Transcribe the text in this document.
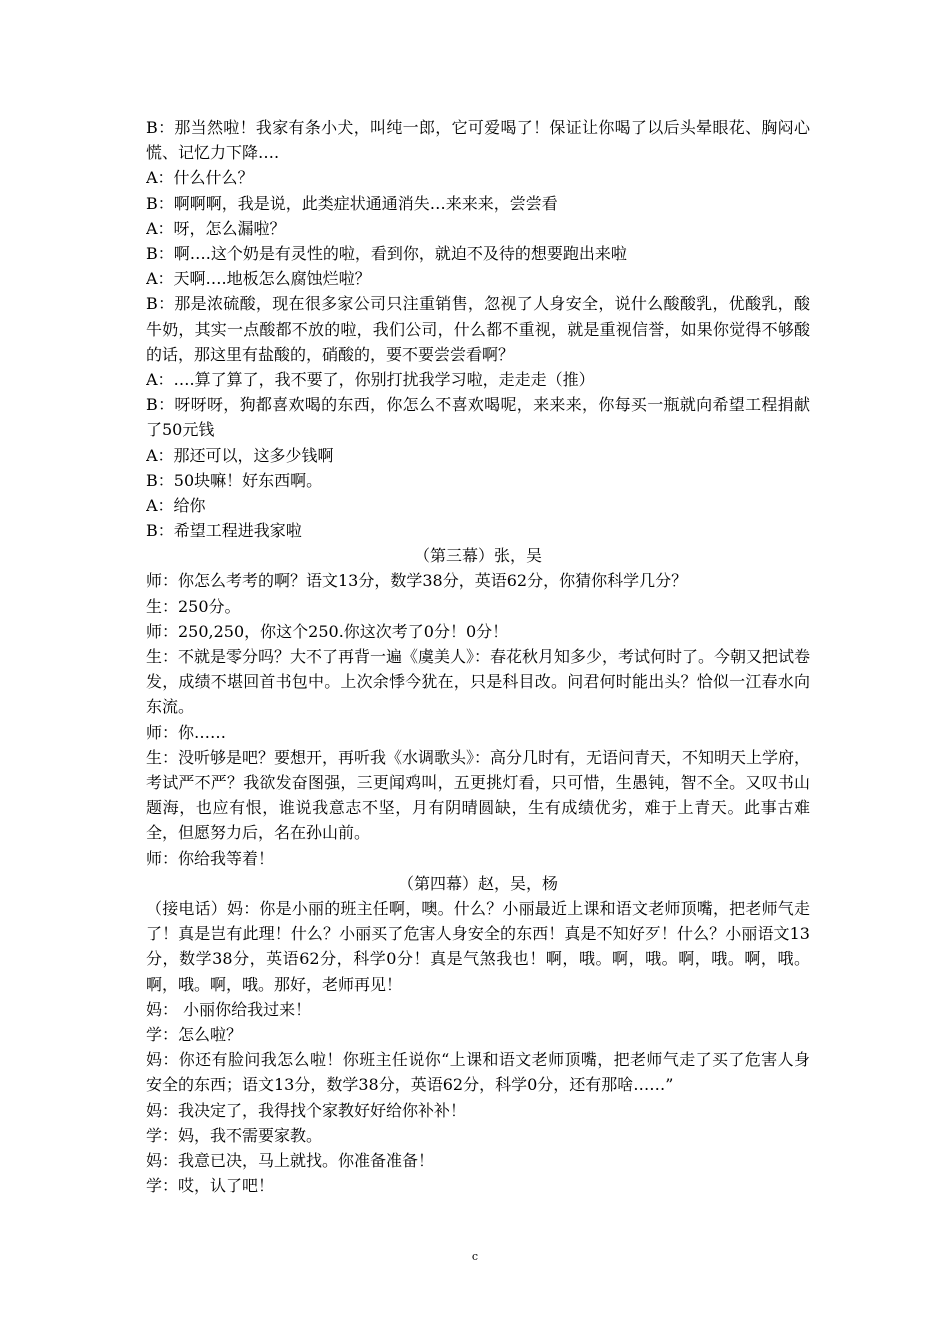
B：那当然啦！我家有条小犬，叫纯一郎，它可爱喝了！保证让你喝了以后头晕眼花、胸闷心慌、记忆力下降….
A：什么什么？
B：啊啊啊，我是说，此类症状通通消失…来来来，尝尝看
A：呀，怎么漏啦？
B：啊….这个奶是有灵性的啦，看到你，就迫不及待的想要跑出来啦
A：天啊….地板怎么腐蚀烂啦？
B：那是浓硫酸，现在很多家公司只注重销售，忽视了人身安全，说什么酸酸乳，优酸乳，酸牛奶，其实一点酸都不放的啦，我们公司，什么都不重视，就是重视信誉，如果你觉得不够酸的话，那这里有盐酸的，硝酸的，要不要尝尝看啊？
A：….算了算了，我不要了，你别打扰我学习啦，走走走（推）
B：呀呀呀，狗都喜欢喝的东西，你怎么不喜欢喝呢，来来来，你每买一瓶就向希望工程捐献了50元钱
A：那还可以，这多少钱啊
B：50块嘛！好东西啊。
A：给你
B：希望工程进我家啦
（第三幕）张，吴
师：你怎么考考的啊？语文13分，数学38分，英语62分，你猜你科学几分？
生：250分。
师：250,250，你这个250.你这次考了0分！0分！
生：不就是零分吗？大不了再背一遍《虞美人》：春花秋月知多少，考试何时了。今朝又把试卷发，成绩不堪回首书包中。上次余悸今犹在，只是科目改。问君何时能出头？恰似一江春水向东流。
师：你……
生：没听够是吧？要想开，再听我《水调歌头》：高分几时有，无语问青天，不知明天上学府，考试严不严？我欲发奋图强，三更闻鸡叫，五更挑灯看，只可惜，生愚钝，智不全。又叹书山题海，也应有恨，谁说我意志不坚，月有阴晴圆缺，生有成绩优劣，难于上青天。此事古难全，但愿努力后，名在孙山前。
师：你给我等着！
（第四幕）赵，吴，杨
（接电话）妈：你是小丽的班主任啊，噢。什么？小丽最近上课和语文老师顶嘴，把老师气走了！真是岂有此理！什么？小丽买了危害人身安全的东西！真是不知好歹！什么？小丽语文13分，数学38分，英语62分，科学0分！真是气煞我也！啊，哦。啊，哦。啊，哦。啊，哦。啊，哦。啊，哦。那好，老师再见！
妈： 小丽你给我过来！
学：怎么啦？
妈：你还有脸问我怎么啦！你班主任说你“上课和语文老师顶嘴，把老师气走了买了危害人身安全的东西；语文13分，数学38分，英语62分，科学0分，还有那啥……”
妈：我决定了，我得找个家教好好给你补补！
学：妈，我不需要家教。
妈：我意已决，马上就找。你准备准备！
学：哎，认了吧！
c
